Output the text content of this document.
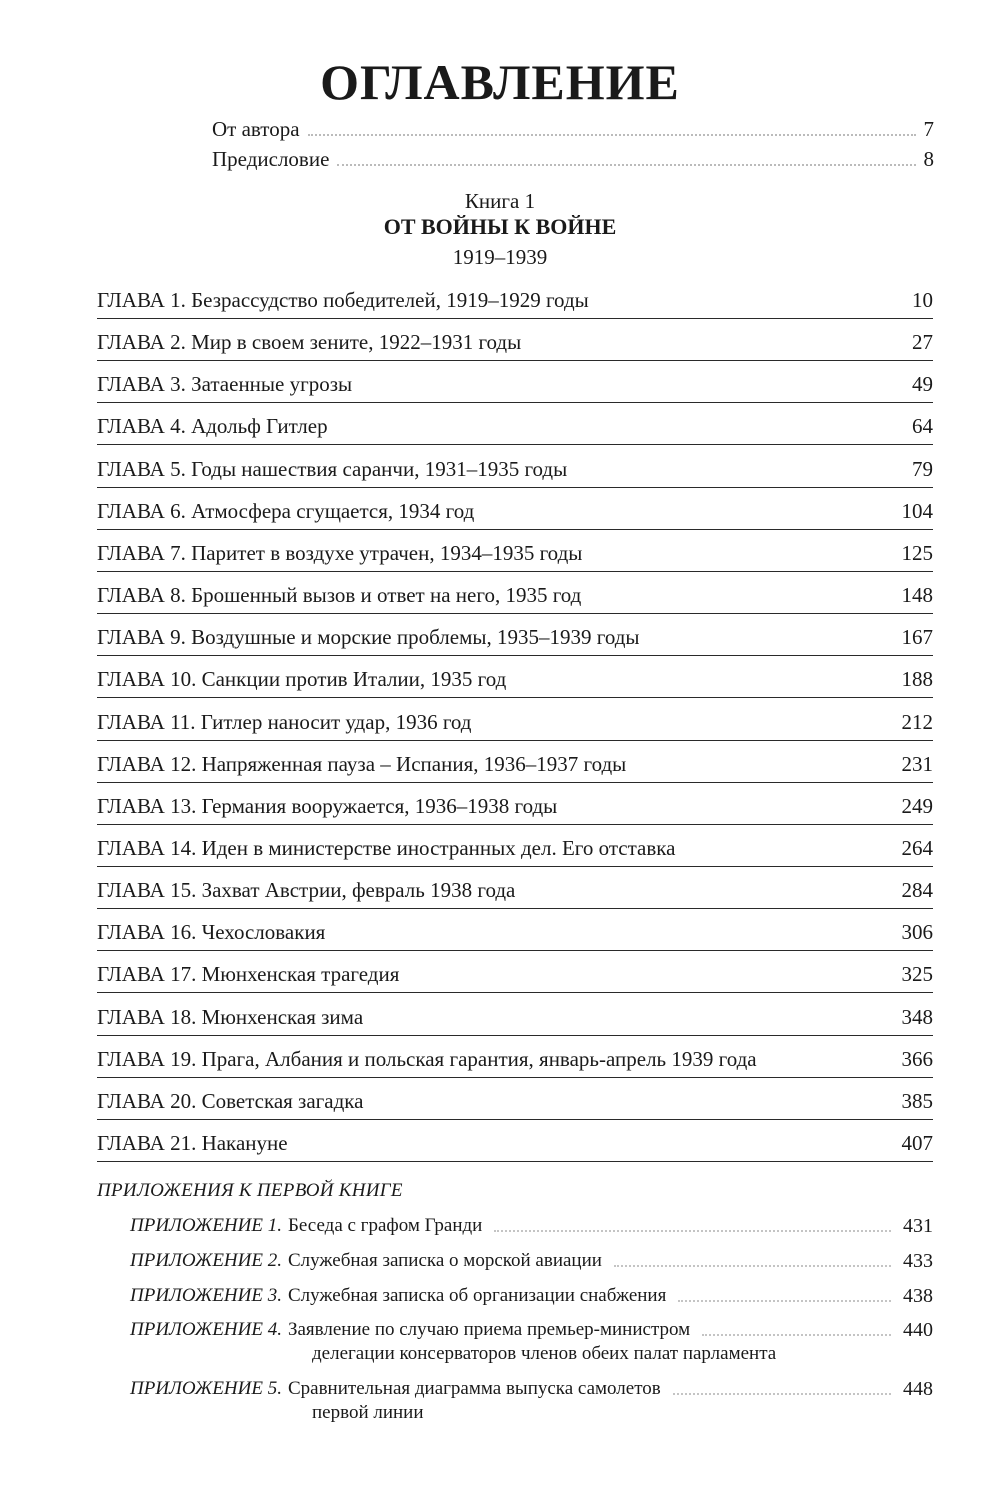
ОГЛАВЛЕНИЕ
От автора	7
Предисловие	8
Книга 1
ОТ ВОЙНЫ К ВОЙНЕ
1919–1939
ГЛАВА 1. Безрассудство победителей, 1919–1929 годы	10
ГЛАВА 2. Мир в своем зените, 1922–1931 годы	27
ГЛАВА 3. Затаенные угрозы	49
ГЛАВА 4. Адольф Гитлер	64
ГЛАВА 5. Годы нашествия саранчи, 1931–1935 годы	79
ГЛАВА 6. Атмосфера сгущается, 1934 год	104
ГЛАВА 7. Паритет в воздухе утрачен, 1934–1935 годы	125
ГЛАВА 8. Брошенный вызов и ответ на него, 1935 год	148
ГЛАВА 9. Воздушные и морские проблемы, 1935–1939 годы	167
ГЛАВА 10. Санкции против Италии, 1935 год	188
ГЛАВА 11. Гитлер наносит удар, 1936 год	212
ГЛАВА 12. Напряженная пауза – Испания, 1936–1937 годы	231
ГЛАВА 13. Германия вооружается, 1936–1938 годы	249
ГЛАВА 14. Иден в министерстве иностранных дел. Его отставка	264
ГЛАВА 15. Захват Австрии, февраль 1938 года	284
ГЛАВА 16. Чехословакия	306
ГЛАВА 17. Мюнхенская трагедия	325
ГЛАВА 18. Мюнхенская зима	348
ГЛАВА 19. Прага, Албания и польская гарантия, январь-апрель 1939 года	366
ГЛАВА 20. Советская загадка	385
ГЛАВА 21. Накануне	407
ПРИЛОЖЕНИЯ К ПЕРВОЙ КНИГЕ
ПРИЛОЖЕНИЕ 1. Беседа с графом Гранди	431
ПРИЛОЖЕНИЕ 2. Служебная записка о морской авиации	433
ПРИЛОЖЕНИЕ 3. Служебная записка об организации снабжения	438
ПРИЛОЖЕНИЕ 4. Заявление по случаю приема премьер-министром	440
делегации консерваторов членов обеих палат парламента
ПРИЛОЖЕНИЕ 5. Сравнительная диаграмма выпуска самолетов	448
первой линии
